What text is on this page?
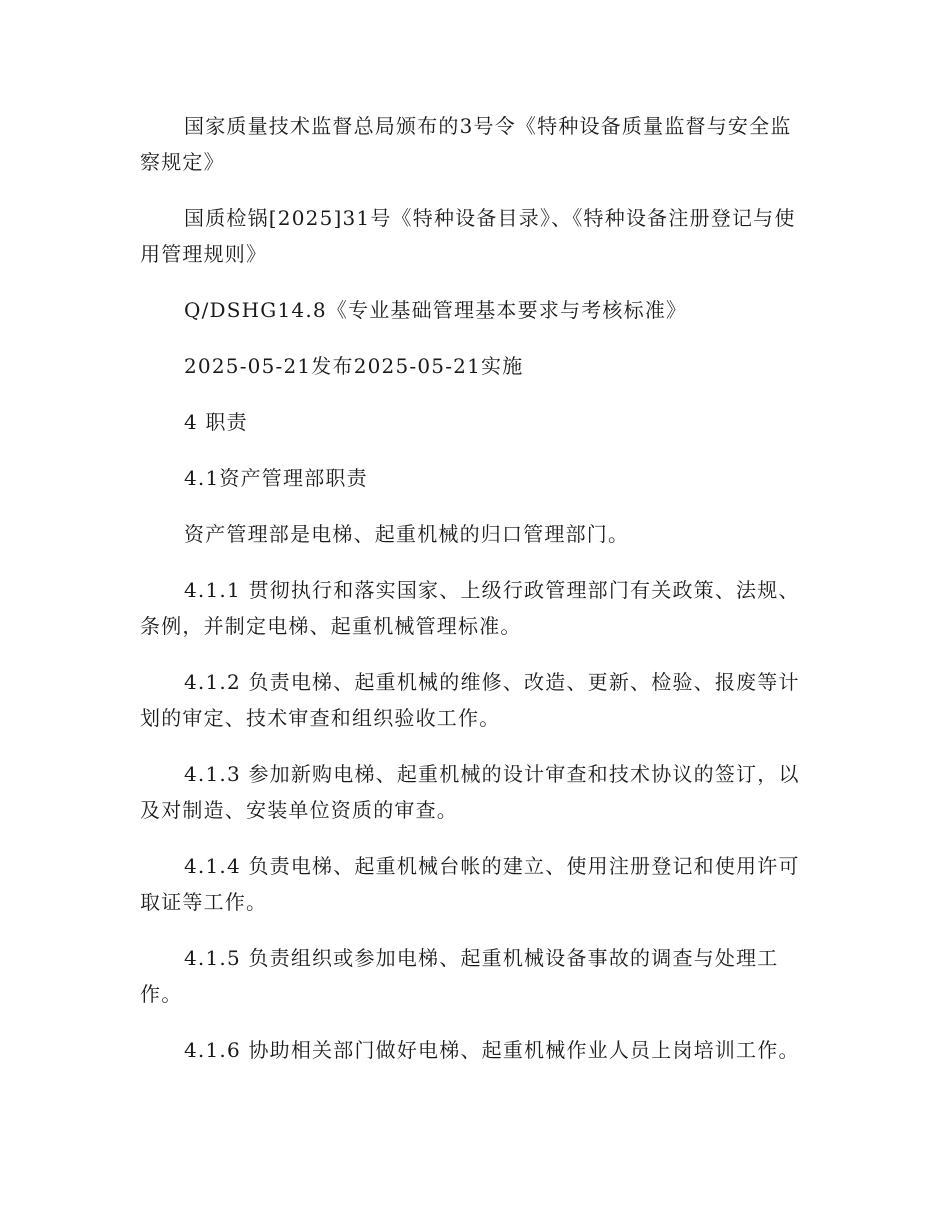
国家质量技术监督总局颁布的3号令《特种设备质量监督与安全监察规定》

国质检锅[2025]31号《特种设备目录》、《特种设备注册登记与使用管理规则》

Q/DSHG14.8《专业基础管理基本要求与考核标准》

2025-05-21发布2025-05-21实施

4 职责

4.1资产管理部职责

资产管理部是电梯、起重机械的归口管理部门。

4.1.1 贯彻执行和落实国家、上级行政管理部门有关政策、法规、条例，并制定电梯、起重机械管理标准。

4.1.2 负责电梯、起重机械的维修、改造、更新、检验、报废等计划的审定、技术审查和组织验收工作。

4.1.3 参加新购电梯、起重机械的设计审查和技术协议的签订，以及对制造、安装单位资质的审查。

4.1.4 负责电梯、起重机械台帐的建立、使用注册登记和使用许可取证等工作。

4.1.5 负责组织或参加电梯、起重机械设备事故的调查与处理工作。

4.1.6 协助相关部门做好电梯、起重机械作业人员上岗培训工作。
